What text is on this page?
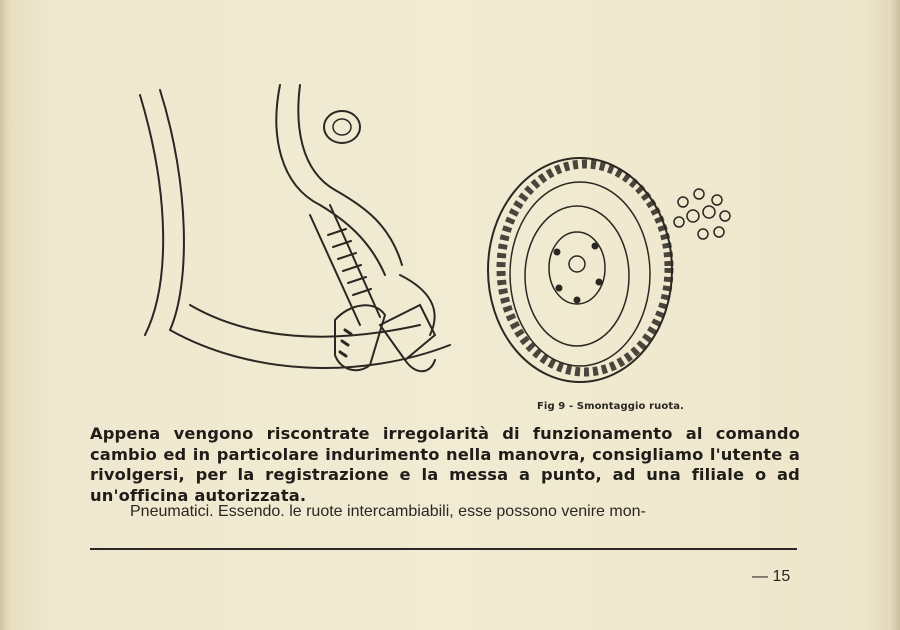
Fig 9 - Smontaggio ruota.
Appena vengono riscontrate irregolarità di funzionamento al comando cambio ed in particolare indurimento nella manovra, consigliamo l'utente a rivolgersi, per la registrazione e la messa a punto, ad una filiale o ad un'officina autorizzata.
Pneumatici. Essendo. le ruote intercambiabili, esse possono venire mon-
— 15
